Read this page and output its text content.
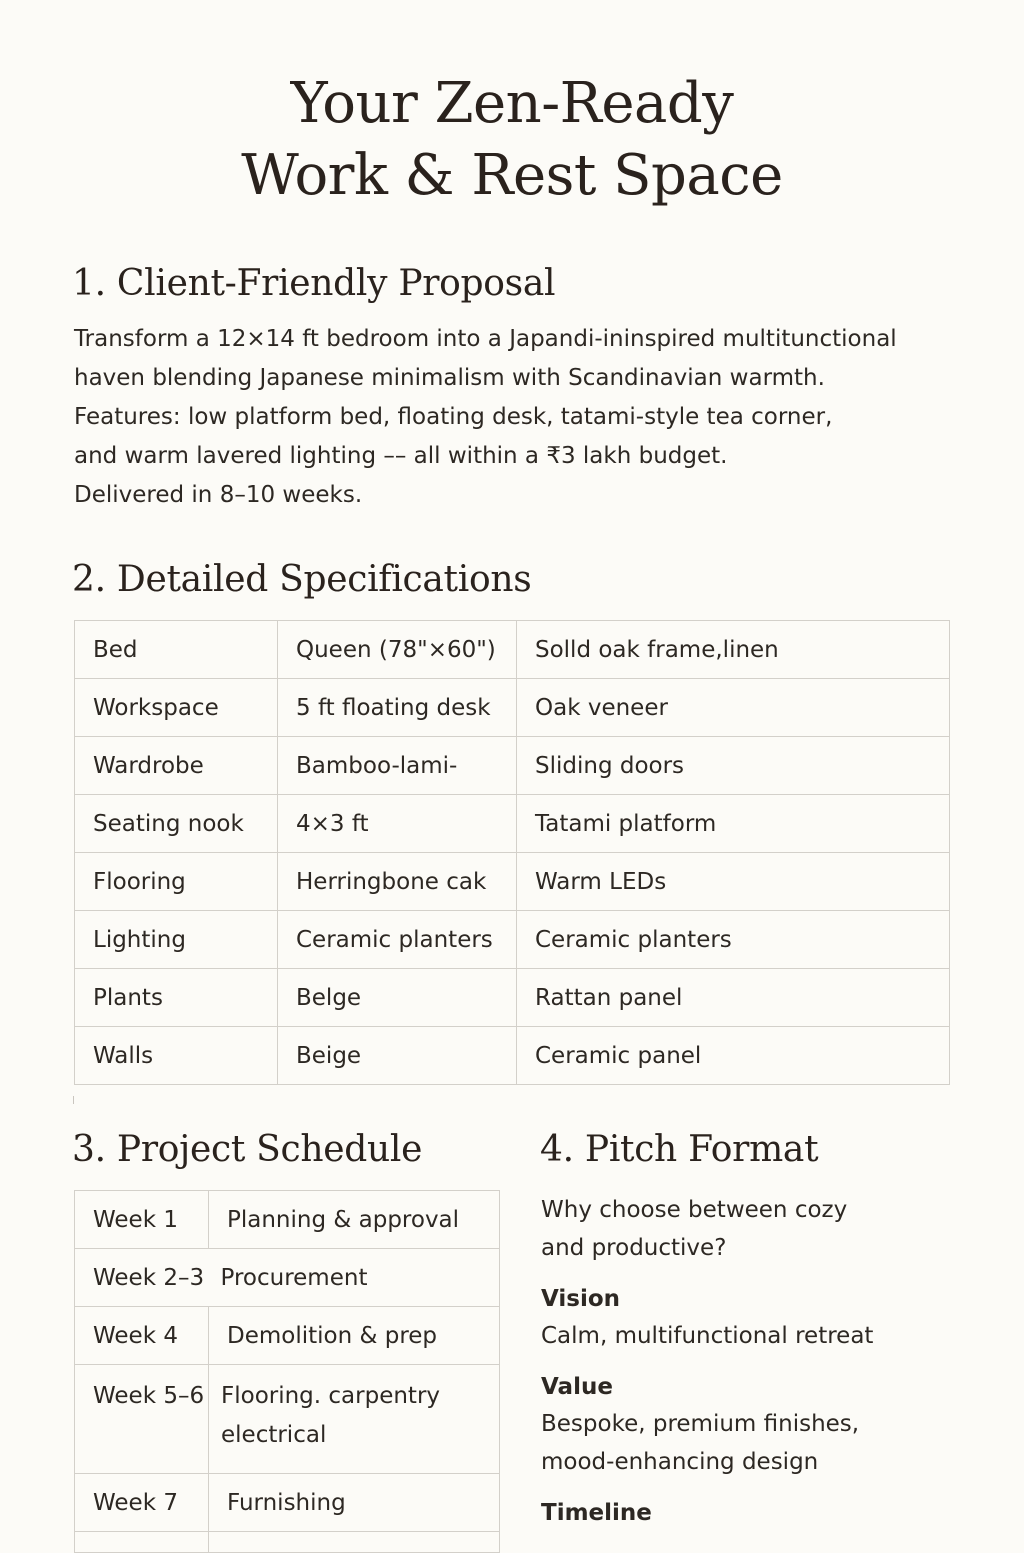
Your Zen-Ready
Work & Rest Space
1. Client-Friendly Proposal
Transform a 12×14 ft bedroom into a Japandi-ininspired multitunctional
haven blending Japanese minimalism with Scandinavian warmth.
Features: low platform bed, floating desk, tatami-style tea corner,
and warm lavered lighting –– all within a ₹3 lakh budget.
Delivered in 8–10 weeks.
2. Detailed Specifications
Bed	Queen (78"×60")	Solld oak frame,linen
Workspace	5 ft floating desk	Oak veneer
Wardrobe	Bamboo-lami-	Sliding doors
Seating nook	4×3 ft	Tatami platform
Flooring	Herringbone cak	Warm LEDs
Lighting	Ceramic planters	Ceramic planters
Plants	Belge	Rattan panel
Walls	Beige	Ceramic panel
3. Project Schedule
Week 1	Planning & approval
Week 2–3	Procurement
Week 4	Demolition & prep
Week 5–6	Flooring. carpentry
electrical

Week 7	Furnishing

4. Pitch Format
Why choose between cozy
and productive?
Vision
Calm, multifunctional retreat
Value
Bespoke, premium finishes,
mood-enhancing design
Timeline
